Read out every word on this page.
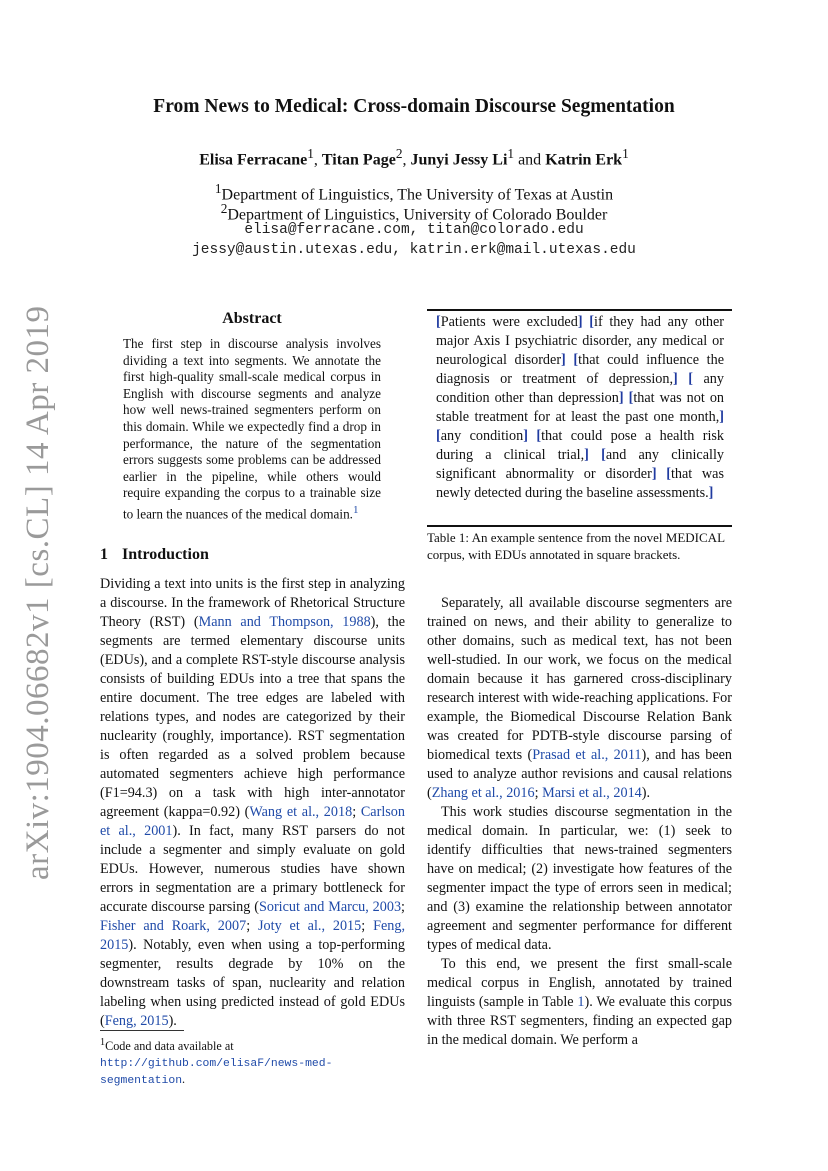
arXiv:1904.06682v1 [cs.CL] 14 Apr 2019
From News to Medical: Cross-domain Discourse Segmentation
Elisa Ferracane$^1$, Titan Page$^2$, Junyi Jessy Li$^1$ and Katrin Erk$^1$
$^1$Department of Linguistics, The University of Texas at Austin
$^2$Department of Linguistics, University of Colorado Boulder
elisa@ferracane.com, titan@colorado.edu
jessy@austin.utexas.edu, katrin.erk@mail.utexas.edu
Abstract
The first step in discourse analysis involves dividing a text into segments. We annotate the first high-quality small-scale medical corpus in English with discourse segments and analyze how well news-trained segmenters perform on this domain. While we expectedly find a drop in performance, the nature of the segmentation errors suggests some problems can be addressed earlier in the pipeline, while others would require expanding the corpus to a trainable size to learn the nuances of the medical domain.$^1$
1 Introduction
Dividing a text into units is the first step in analyzing a discourse. In the framework of Rhetorical Structure Theory (RST) (Mann and Thompson, 1988), the segments are termed elementary discourse units (EDUs), and a complete RST-style discourse analysis consists of building EDUs into a tree that spans the entire document. The tree edges are labeled with relations types, and nodes are categorized by their nuclearity (roughly, importance). RST segmentation is often regarded as a solved problem because automated segmenters achieve high performance (F1=94.3) on a task with high inter-annotator agreement (kappa=0.92) (Wang et al., 2018; Carlson et al., 2001). In fact, many RST parsers do not include a segmenter and simply evaluate on gold EDUs. However, numerous studies have shown errors in segmentation are a primary bottleneck for accurate discourse parsing (Soricut and Marcu, 2003; Fisher and Roark, 2007; Joty et al., 2015; Feng, 2015). Notably, even when using a top-performing segmenter, results degrade by 10% on the downstream tasks of span, nuclearity and relation labeling when using predicted instead of gold EDUs (Feng, 2015).
$^1$Code and data available at http://github.com/elisaF/news-med-segmentation.
[Patients were excluded] [if they had any other major Axis I psychiatric disorder, any medical or neurological disorder] [that could influence the diagnosis or treatment of depression,] [ any condition other than depression] [that was not on stable treatment for at least the past one month,] [any condition] [that could pose a health risk during a clinical trial,] [and any clinically significant abnormality or disorder] [that was newly detected during the baseline assessments.]
Table 1: An example sentence from the novel MEDICAL corpus, with EDUs annotated in square brackets.

Separately, all available discourse segmenters are trained on news, and their ability to generalize to other domains, such as medical text, has not been well-studied. In our work, we focus on the medical domain because it has garnered cross-disciplinary research interest with wide-reaching applications. For example, the Biomedical Discourse Relation Bank was created for PDTB-style discourse parsing of biomedical texts (Prasad et al., 2011), and has been used to analyze author revisions and causal relations (Zhang et al., 2016; Marsi et al., 2014).

This work studies discourse segmentation in the medical domain. In particular, we: (1) seek to identify difficulties that news-trained segmenters have on medical; (2) investigate how features of the segmenter impact the type of errors seen in medical; and (3) examine the relationship between annotator agreement and segmenter performance for different types of medical data.

To this end, we present the first small-scale medical corpus in English, annotated by trained linguists (sample in Table 1). We evaluate this corpus with three RST segmenters, finding an expected gap in the medical domain. We perform a
